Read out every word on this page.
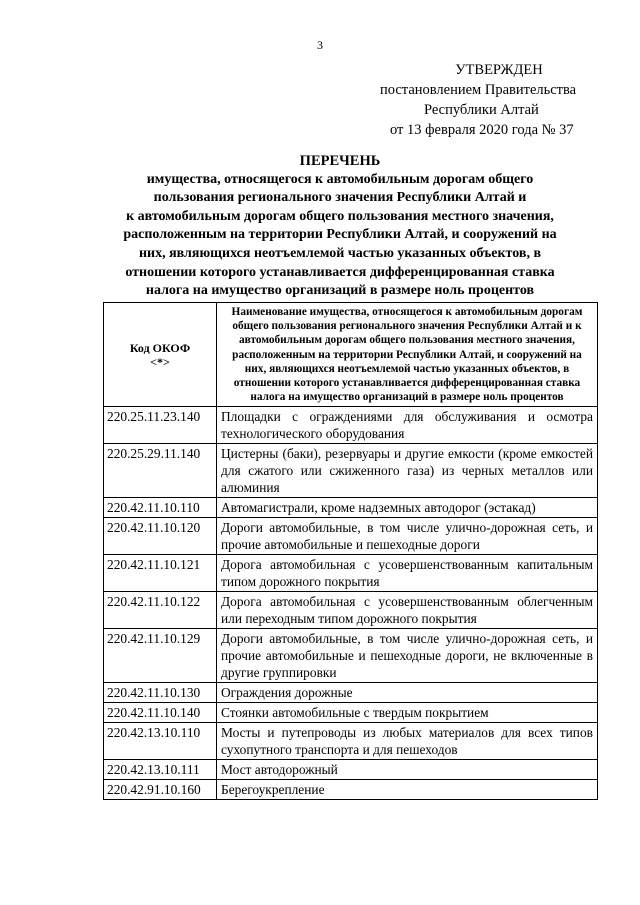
3
УТВЕРЖДЕН
постановлением Правительства
Республики Алтай
от 13 февраля 2020 года № 37
ПЕРЕЧЕНЬ
имущества, относящегося к автомобильным дорогам общего
пользования регионального значения Республики Алтай и
к автомобильным дорогам общего пользования местного значения,
расположенным на территории Республики Алтай, и сооружений на
них, являющихся неотъемлемой частью указанных объектов, в
отношении которого устанавливается дифференцированная ставка
налога на имущество организаций в размере ноль процентов
Код ОКОФ
<*>	Наименование имущества, относящегося к автомобильным дорогам общего пользования регионального значения Республики Алтай и к автомобильным дорогам общего пользования местного значения, расположенным на территории Республики Алтай, и сооружений на них, являющихся неотъемлемой частью указанных объектов, в отношении которого устанавливается дифференцированная ставка налога на имущество организаций в размере ноль процентов
220.25.11.23.140	Площадки с ограждениями для обслуживания и осмотра технологического оборудования
220.25.29.11.140	Цистерны (баки), резервуары и другие емкости (кроме емкостей для сжатого или сжиженного газа) из черных металлов или алюминия
220.42.11.10.110	Автомагистрали, кроме надземных автодорог (эстакад)
220.42.11.10.120	Дороги автомобильные, в том числе улично-дорожная сеть, и прочие автомобильные и пешеходные дороги
220.42.11.10.121	Дорога автомобильная с усовершенствованным капитальным типом дорожного покрытия
220.42.11.10.122	Дорога автомобильная с усовершенствованным облегченным или переходным типом дорожного покрытия
220.42.11.10.129	Дороги автомобильные, в том числе улично-дорожная сеть, и прочие автомобильные и пешеходные дороги, не включенные в другие группировки
220.42.11.10.130	Ограждения дорожные
220.42.11.10.140	Стоянки автомобильные с твердым покрытием
220.42.13.10.110	Мосты и путепроводы из любых материалов для всех типов сухопутного транспорта и для пешеходов
220.42.13.10.111	Мост автодорожный
220.42.91.10.160	Берегоукрепление
